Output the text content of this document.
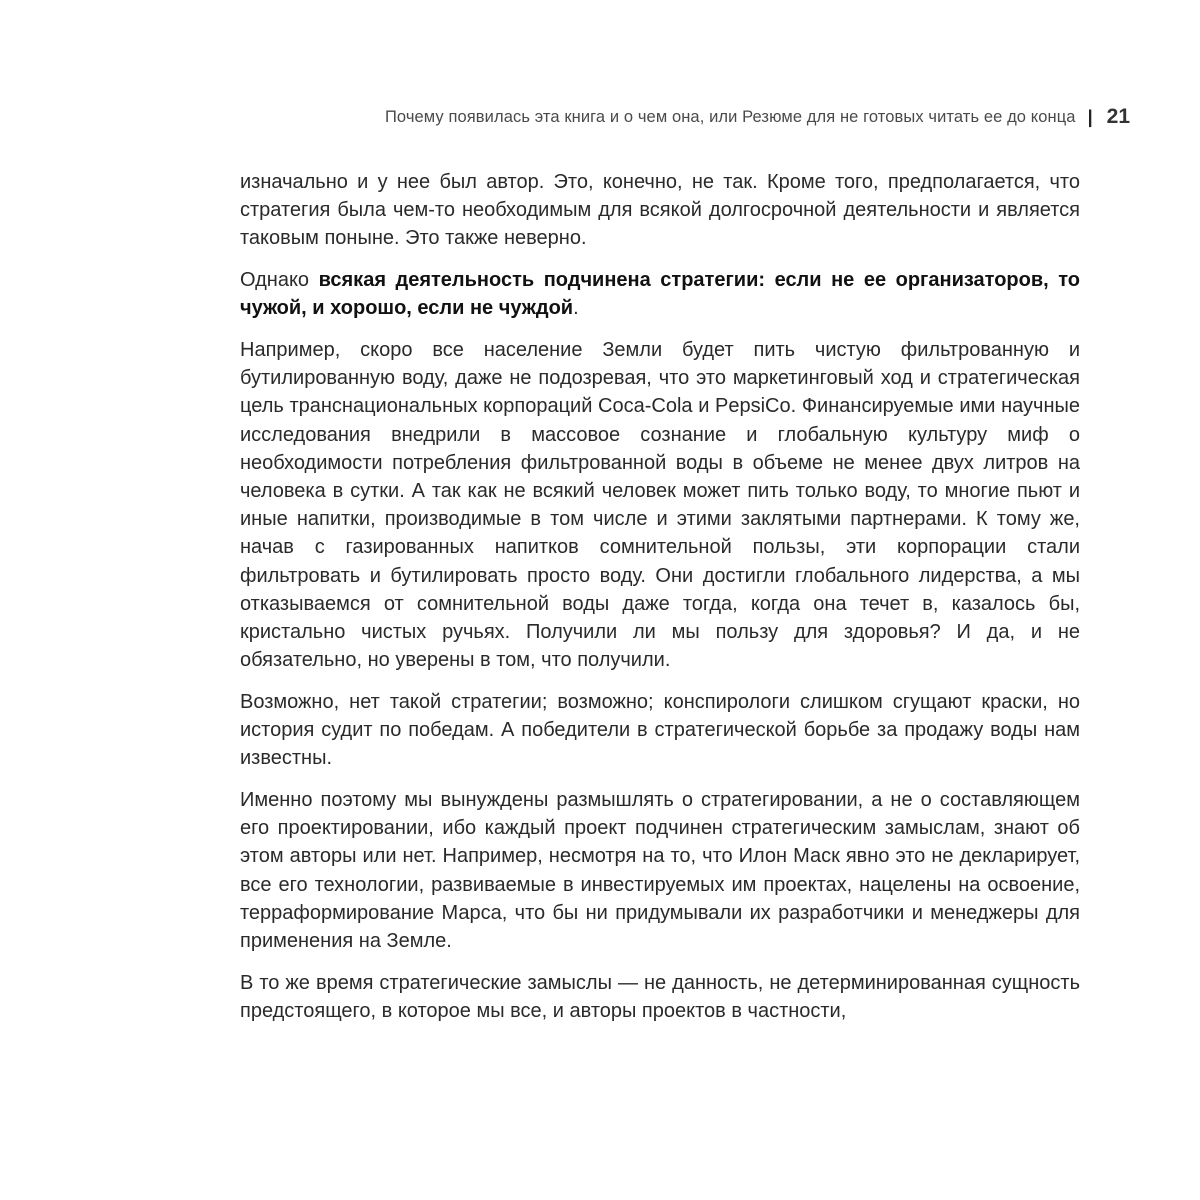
Почему появилась эта книга и о чем она, или Резюме для не готовых читать ее до конца | 21

изначально и у нее был автор. Это, конечно, не так. Кроме того, предполагается, что стратегия была чем-то необходимым для всякой долгосрочной деятельности и является таковым поныне. Это также неверно.

Однако всякая деятельность подчинена стратегии: если не ее организаторов, то чужой, и хорошо, если не чуждой.

Например, скоро все население Земли будет пить чистую фильтрованную и бутилированную воду, даже не подозревая, что это маркетинговый ход и стратегическая цель транснациональных корпораций Coca-Cola и PepsiCo. Финансируемые ими научные исследования внедрили в массовое сознание и глобальную культуру миф о необходимости потребления фильтрованной воды в объеме не менее двух литров на человека в сутки. А так как не всякий человек может пить только воду, то многие пьют и иные напитки, производимые в том числе и этими заклятыми партнерами. К тому же, начав с газированных напитков сомнительной пользы, эти корпорации стали фильтровать и бутилировать просто воду. Они достигли глобального лидерства, а мы отказываемся от сомнительной воды даже тогда, когда она течет в, казалось бы, кристально чистых ручьях. Получили ли мы пользу для здоровья? И да, и не обязательно, но уверены в том, что получили.

Возможно, нет такой стратегии; возможно; конспирологи слишком сгущают краски, но история судит по победам. А победители в стратегической борьбе за продажу воды нам известны.

Именно поэтому мы вынуждены размышлять о стратегировании, а не о составляющем его проектировании, ибо каждый проект подчинен стратегическим замыслам, знают об этом авторы или нет. Например, несмотря на то, что Илон Маск явно это не декларирует, все его технологии, развиваемые в инвестируемых им проектах, нацелены на освоение, терраформирование Марса, что бы ни придумывали их разработчики и менеджеры для применения на Земле.

В то же время стратегические замыслы — не данность, не детерминированная сущность предстоящего, в которое мы все, и авторы проектов в частности,
